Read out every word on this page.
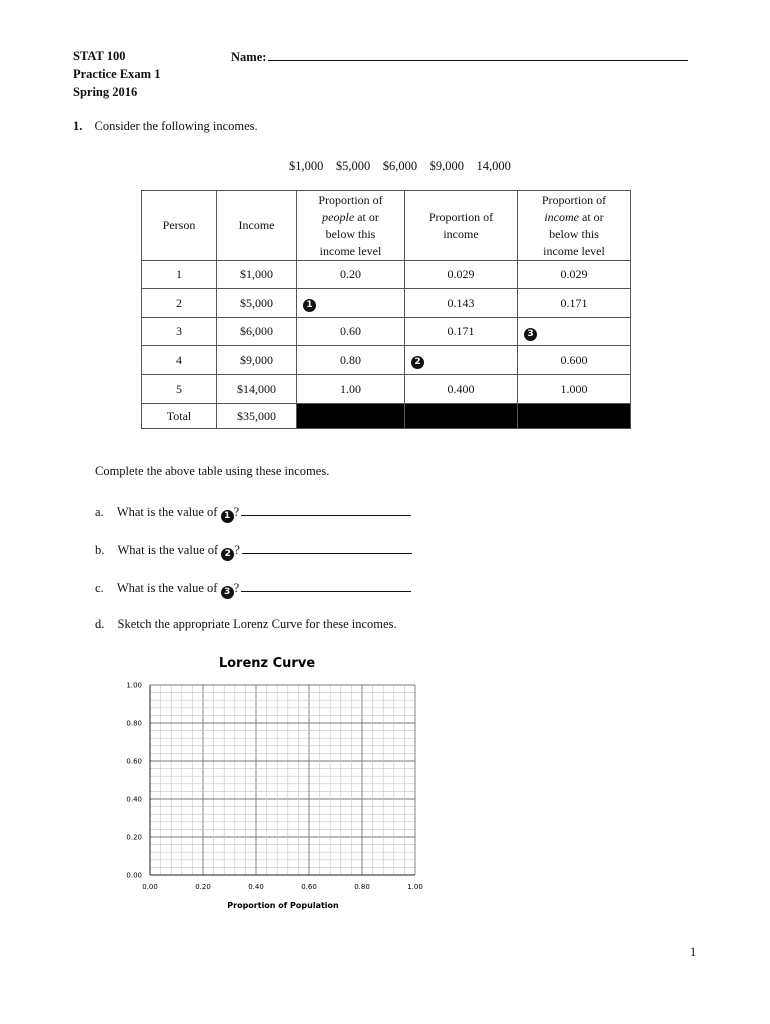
STAT 100
Practice Exam 1
Spring 2016
Name:
1. Consider the following incomes.
$1,000    $5,000    $6,000    $9,000    14,000
Person	Income	Proportion of
people at or
below this
income level	Proportion of
income	Proportion of
income at or
below this
income level
1	$1,000	0.20	0.029	0.029
2	$5,000	1	0.143	0.171
3	$6,000	0.60	0.171	3
4	$9,000	0.80	2	0.600
5	$14,000	1.00	0.400	1.000
Total	$35,000			
Complete the above table using these incomes.
a. What is the value of 1 ?
b. What is the value of 2 ?
c. What is the value of 3 ?
d. Sketch the appropriate Lorenz Curve for these incomes.
Lorenz Curve
0.00
0.20
0.40
0.60
0.80
1.00
0.00	0.20	0.40	0.60	0.80	1.00
Proportion of Population
1
